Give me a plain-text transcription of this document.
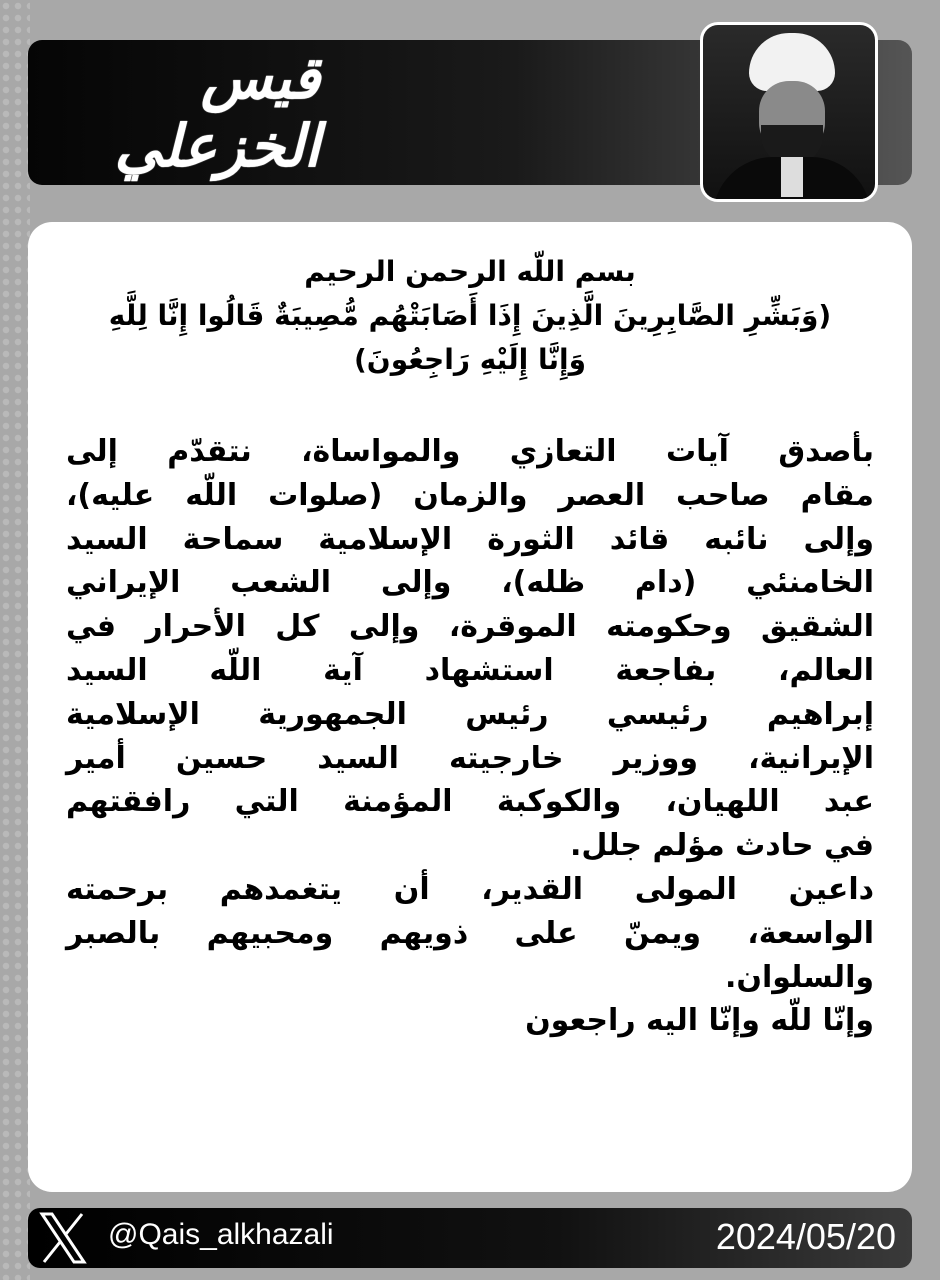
قيس الخزعلي
بسم اللّه الرحمن الرحيم
(وَبَشِّرِ الصَّابِرِينَ الَّذِينَ إِذَا أَصَابَتْهُم مُّصِيبَةٌ قَالُوا إِنَّا لِلَّهِ
وَإِنَّا إِلَيْهِ رَاجِعُونَ)
بأصدق آيات التعازي والمواساة، نتقدّم إلى
مقام صاحب العصر والزمان (صلوات اللّه عليه)،
وإلى نائبه قائد الثورة الإسلامية سماحة السيد
الخامنئي (دام ظله)، وإلى الشعب الإيراني
الشقيق وحكومته الموقرة، وإلى كل الأحرار في
العالم، بفاجعة استشهاد آية اللّه السيد
إبراهيم رئيسي رئيس الجمهورية الإسلامية
الإيرانية، ووزير خارجيته السيد حسين أمير
عبد اللهيان، والكوكبة المؤمنة التي رافقتهم
في حادث مؤلم جلل.
داعين المولى القدير، أن يتغمدهم برحمته
الواسعة، ويمنّ على ذويهم ومحبيهم بالصبر
والسلوان.
وإنّا للّه وإنّا اليه راجعون
@Qais_alkhazali	2024/05/20
